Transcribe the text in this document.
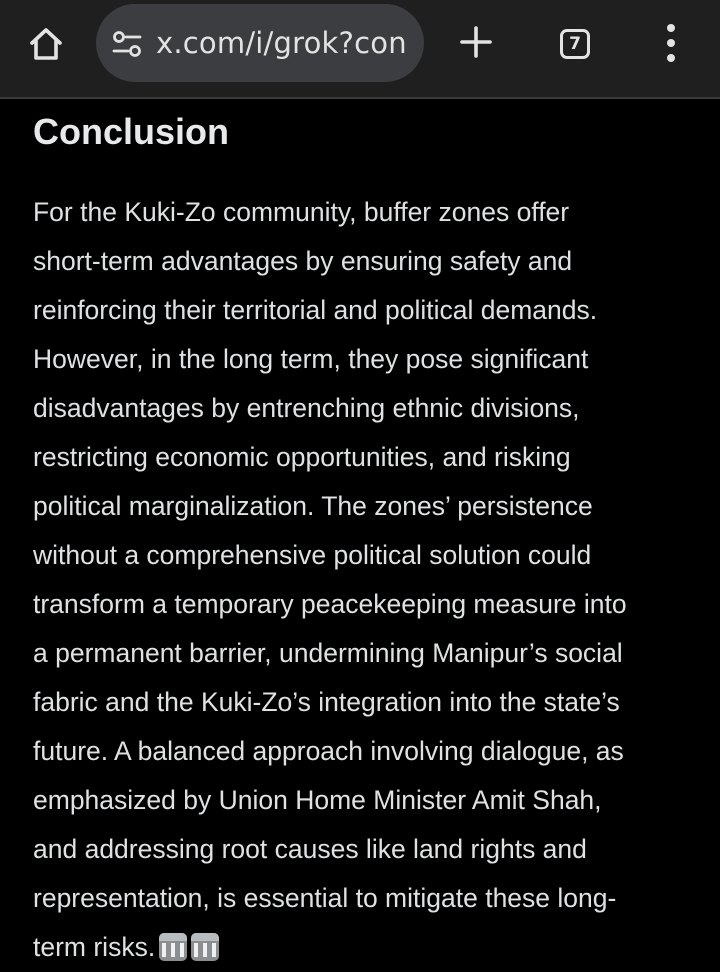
x.com/i/grok?con	7
Conclusion

For the Kuki-Zo community, buffer zones offer
short-term advantages by ensuring safety and
reinforcing their territorial and political demands.
However, in the long term, they pose significant
disadvantages by entrenching ethnic divisions,
restricting economic opportunities, and risking
political marginalization. The zones’ persistence
without a comprehensive political solution could
transform a temporary peacekeeping measure into
a permanent barrier, undermining Manipur’s social
fabric and the Kuki-Zo’s integration into the state’s
future. A balanced approach involving dialogue, as
emphasized by Union Home Minister Amit Shah,
and addressing root causes like land rights and
representation, is essential to mitigate these long-
term risks.
